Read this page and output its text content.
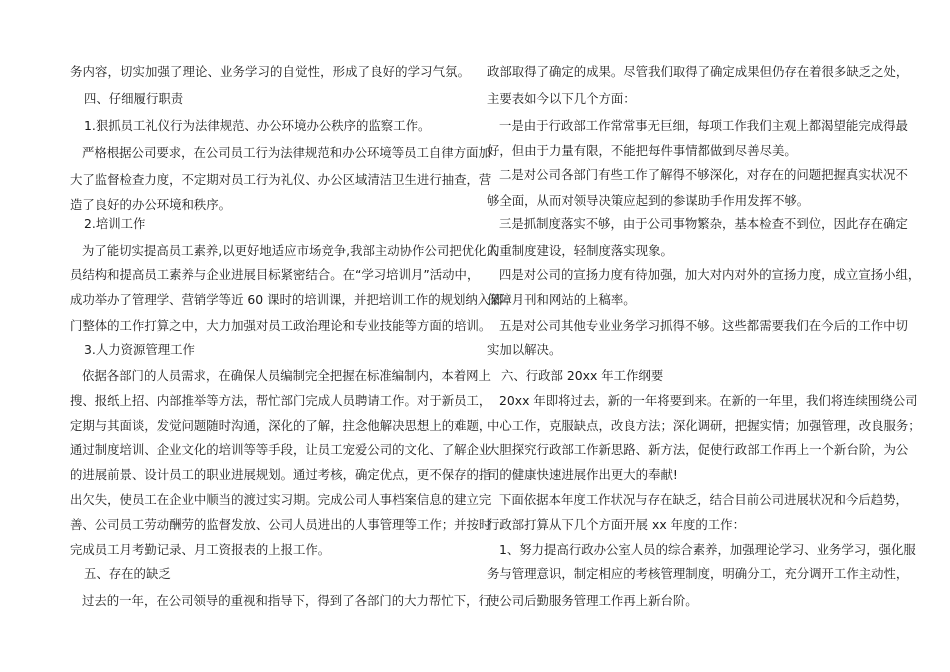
务内容，切实加强了理论、业务学习的自觉性，形成了良好的学习气氛。
四、仔细履行职责
1.狠抓员工礼仪行为法律规范、办公环境办公秩序的监察工作。
严格根据公司要求，在公司员工行为法律规范和办公环境等员工自律方面加
大了监督检查力度，不定期对员工行为礼仪、办公区域清洁卫生进行抽查，营
造了良好的办公环境和秩序。
2.培训工作
为了能切实提高员工素养,以更好地适应市场竞争,我部主动协作公司把优化人
员结构和提高员工素养与企业进展目标紧密结合。在“学习培训月”活动中，
成功举办了管理学、营销学等近 60 课时的培训课，并把培训工作的规划纳入部
门整体的工作打算之中，大力加强对员工政治理论和专业技能等方面的培训。
3.人力资源管理工作
依据各部门的人员需求，在确保人员编制完全把握在标准编制内，本着网上
搜、报纸上招、内部推举等方法，帮忙部门完成人员聘请工作。对于新员工，
定期与其面谈，发觉问题随时沟通，深化的了解，拄念他解决思想上的难题，
通过制度培训、企业文化的培训等等手段，让员工宠爱公司的文化、了解企业
的进展前景、设计员工的职业进展规划。通过考核，确定优点，更不保存的指
出欠失，使员工在企业中顺当的渡过实习期。完成公司人事档案信息的建立完
善、公司员工劳动酬劳的监督发放、公司人员进出的人事管理等工作；并按时
完成员工月考勤记录、月工资报表的上报工作。
五、存在的缺乏
过去的一年，在公司领导的重视和指导下，得到了各部门的大力帮忙下，行
政部取得了确定的成果。尽管我们取得了确定成果但仍存在着很多缺乏之处，
主要表如今以下几个方面：
一是由于行政部工作常常事无巨细，每项工作我们主观上都渴望能完成得最
好，但由于力量有限，不能把每件事情都做到尽善尽美。
二是对公司各部门有些工作了解得不够深化，对存在的问题把握真实状况不
够全面，从而对领导决策应起到的参谋助手作用发挥不够。
三是抓制度落实不够，由于公司事物繁杂，基本检查不到位，因此存在确定
的重制度建设，轻制度落实现象。
四是对公司的宣扬力度有待加强，加大对内对外的宣扬力度，成立宣扬小组，
保障月刊和网站的上稿率。
五是对公司其他专业业务学习抓得不够。这些都需要我们在今后的工作中切
实加以解决。
六、行政部 20xx 年工作纲要
20xx 年即将过去，新的一年将要到来。在新的一年里，我们将连续围绕公司
中心工作，克服缺点，改良方法；深化调研，把握实情；加强管理，改良服务；
大胆探究行政部工作新思路、新方法，促使行政部工作再上一个新台阶，为公
司的健康快速进展作出更大的奉献!
下面依据本年度工作状况与存在缺乏，结合目前公司进展状况和今后趋势，
行政部打算从下几个方面开展 xx 年度的工作：
1、努力提高行政办公室人员的综合素养，加强理论学习、业务学习，强化服
务与管理意识，制定相应的考核管理制度，明确分工，充分调开工作主动性，
使公司后勤服务管理工作再上新台阶。
